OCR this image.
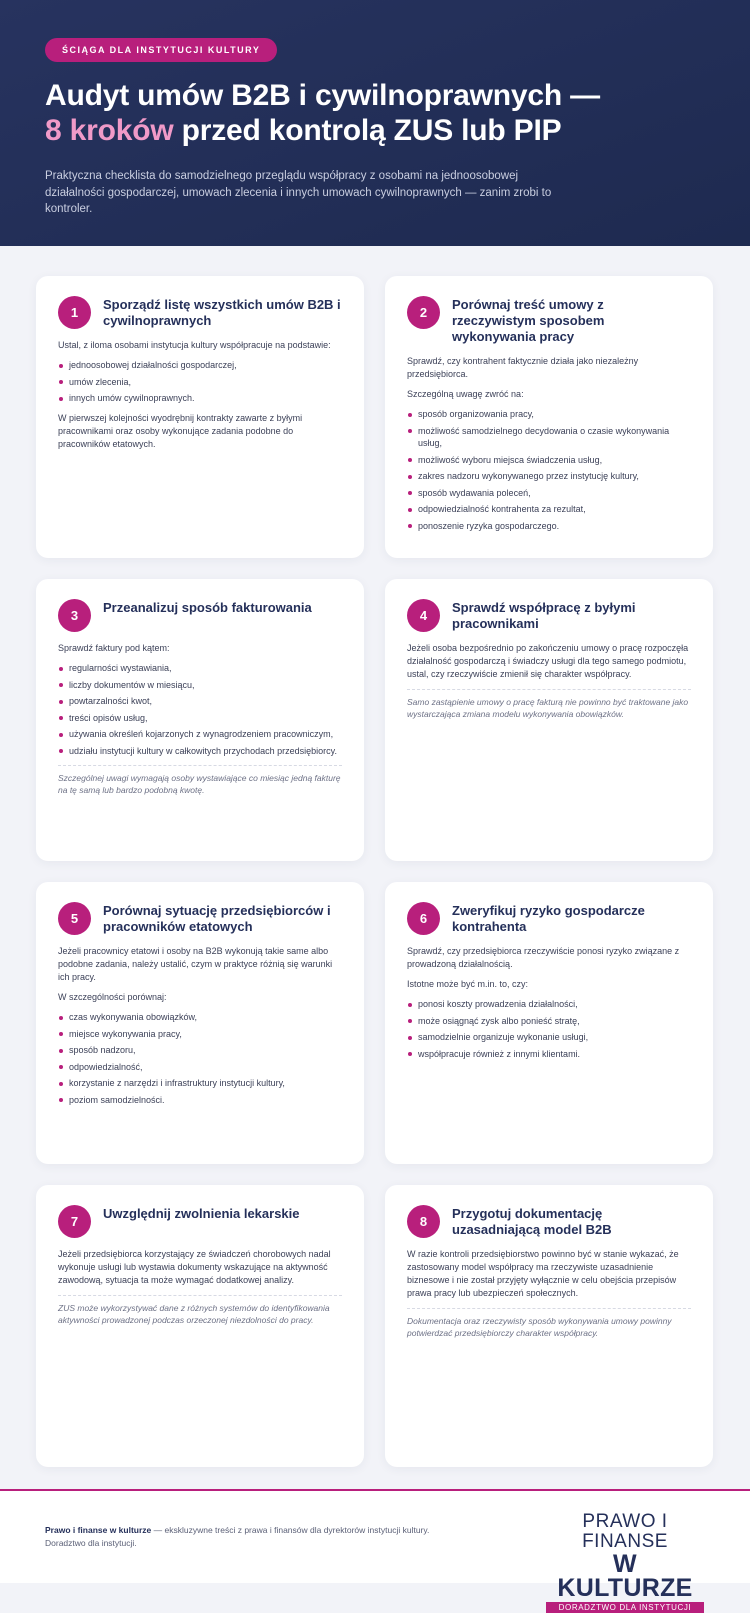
ŚCIĄGA DLA INSTYTUCJI KULTURY
Audyt umów B2B i cywilnoprawnych —
8 kroków przed kontrolą ZUS lub PIP

Praktyczna checklista do samodzielnego przeglądu współpracy z osobami na jednoosobowej działalności gospodarczej, umowach zlecenia i innych umowach cywilnoprawnych — zanim zrobi to kontroler.

1
Sporządź listę wszystkich umów B2B i cywilnoprawnych

Ustal, z iloma osobami instytucja kultury współpracuje na podstawie:

jednoosobowej działalności gospodarczej,
umów zlecenia,
innych umów cywilnoprawnych.

W pierwszej kolejności wyodrębnij kontrakty zawarte z byłymi pracownikami oraz osoby wykonujące zadania podobne do pracowników etatowych.

2
Porównaj treść umowy z rzeczywistym sposobem wykonywania pracy

Sprawdź, czy kontrahent faktycznie działa jako niezależny przedsiębiorca.

Szczególną uwagę zwróć na:

sposób organizowania pracy,
możliwość samodzielnego decydowania o czasie wykonywania usług,
możliwość wyboru miejsca świadczenia usług,
zakres nadzoru wykonywanego przez instytucję kultury,
sposób wydawania poleceń,
odpowiedzialność kontrahenta za rezultat,
ponoszenie ryzyka gospodarczego.
3
Przeanalizuj sposób fakturowania

Sprawdź faktury pod kątem:

regularności wystawiania,
liczby dokumentów w miesiącu,
powtarzalności kwot,
treści opisów usług,
używania określeń kojarzonych z wynagrodzeniem pracowniczym,
udziału instytucji kultury w całkowitych przychodach przedsiębiorcy.

Szczególnej uwagi wymagają osoby wystawiające co miesiąc jedną fakturę na tę samą lub bardzo podobną kwotę.

4
Sprawdź współpracę z byłymi pracownikami

Jeżeli osoba bezpośrednio po zakończeniu umowy o pracę rozpoczęła działalność gospodarczą i świadczy usługi dla tego samego podmiotu, ustal, czy rzeczywiście zmienił się charakter współpracy.

Samo zastąpienie umowy o pracę fakturą nie powinno być traktowane jako wystarczająca zmiana modelu wykonywania obowiązków.

5
Porównaj sytuację przedsiębiorców i pracowników etatowych

Jeżeli pracownicy etatowi i osoby na B2B wykonują takie same albo podobne zadania, należy ustalić, czym w praktyce różnią się warunki ich pracy.

W szczególności porównaj:

czas wykonywania obowiązków,
miejsce wykonywania pracy,
sposób nadzoru,
odpowiedzialność,
korzystanie z narzędzi i infrastruktury instytucji kultury,
poziom samodzielności.
6
Zweryfikuj ryzyko gospodarcze kontrahenta

Sprawdź, czy przedsiębiorca rzeczywiście ponosi ryzyko związane z prowadzoną działalnością.

Istotne może być m.in. to, czy:

ponosi koszty prowadzenia działalności,
może osiągnąć zysk albo ponieść stratę,
samodzielnie organizuje wykonanie usługi,
współpracuje również z innymi klientami.
7
Uwzględnij zwolnienia lekarskie

Jeżeli przedsiębiorca korzystający ze świadczeń chorobowych nadal wykonuje usługi lub wystawia dokumenty wskazujące na aktywność zawodową, sytuacja ta może wymagać dodatkowej analizy.

ZUS może wykorzystywać dane z różnych systemów do identyfikowania aktywności prowadzonej podczas orzeczonej niezdolności do pracy.

8
Przygotuj dokumentację uzasadniającą model B2B

W razie kontroli przedsiębiorstwo powinno być w stanie wykazać, że zastosowany model współpracy ma rzeczywiste uzasadnienie biznesowe i nie został przyjęty wyłącznie w celu obejścia przepisów prawa pracy lub ubezpieczeń społecznych.

Dokumentacja oraz rzeczywisty sposób wykonywania umowy powinny potwierdzać przedsiębiorczy charakter współpracy.

Prawo i finanse w kulturze — ekskluzywne treści z prawa i finansów dla dyrektorów instytucji kultury. Doradztwo dla instytucji.

PRAWO I FINANSE
W KULTURZE
DORADZTWO DLA INSTYTUCJI
